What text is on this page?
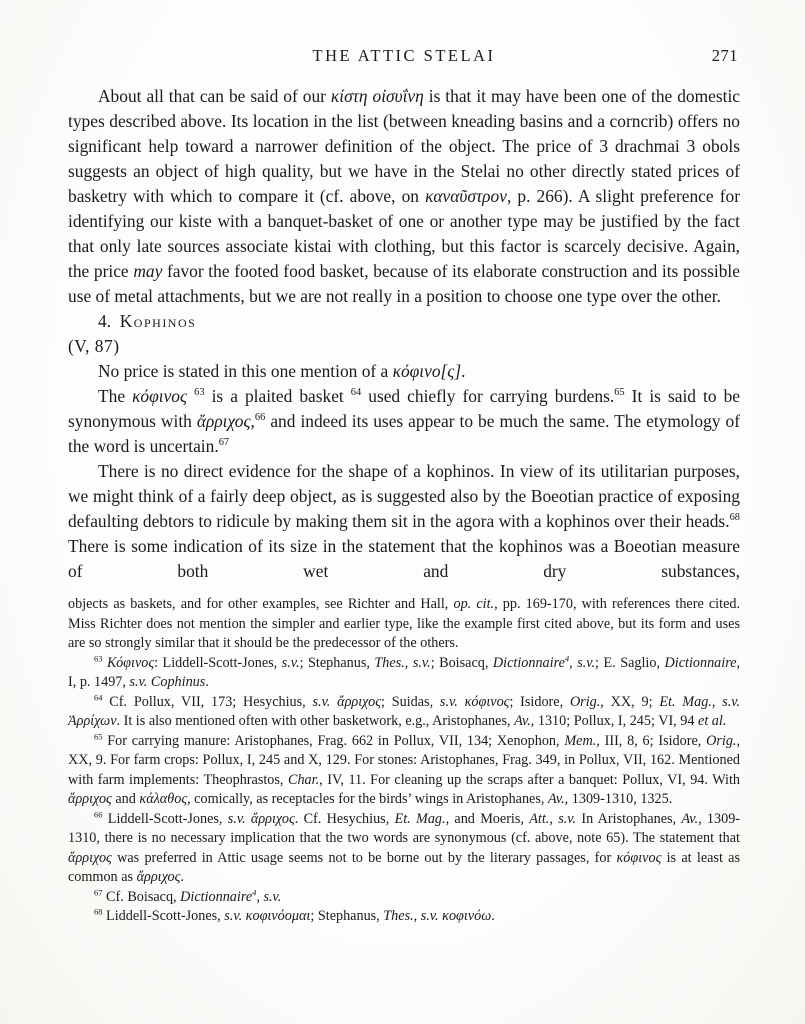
THE ATTIC STELAI	271

About all that can be said of our κίστη οἰσυΐνη is that it may have been one of the domestic types described above. Its location in the list (between kneading basins and a corncrib) offers no significant help toward a narrower definition of the object. The price of 3 drachmai 3 obols suggests an object of high quality, but we have in the Stelai no other directly stated prices of basketry with which to compare it (cf. above, on καναῦστρον, p. 266). A slight preference for identifying our kiste with a banquet-basket of one or another type may be justified by the fact that only late sources associate kistai with clothing, but this factor is scarcely decisive. Again, the price may favor the footed food basket, because of its elaborate construction and its possible use of metal attachments, but we are not really in a position to choose one type over the other.

4. Kophinos

(V, 87)

No price is stated in this one mention of a κόφινο[ς].

The κόφινος $^{63}$ is a plaited basket $^{64}$ used chiefly for carrying burdens.$^{65}$ It is said to be synonymous with ἄρριχος,$^{66}$ and indeed its uses appear to be much the same. The etymology of the word is uncertain.$^{67}$

There is no direct evidence for the shape of a kophinos. In view of its utilitarian purposes, we might think of a fairly deep object, as is suggested also by the Boeotian practice of exposing defaulting debtors to ridicule by making them sit in the agora with a kophinos over their heads.$^{68}$ There is some indication of its size in the statement that the kophinos was a Boeotian measure of both wet and dry substances,

objects as baskets, and for other examples, see Richter and Hall, op. cit., pp. 169-170, with references there cited. Miss Richter does not mention the simpler and earlier type, like the example first cited above, but its form and uses are so strongly similar that it should be the predecessor of the others.

$^{63}$ Κόφινος: Liddell-Scott-Jones, s.v.; Stephanus, Thes., s.v.; Boisacq, Dictionnaire$^4$, s.v.; E. Saglio, Dictionnaire, I, p. 1497, s.v. Cophinus.

$^{64}$ Cf. Pollux, VII, 173; Hesychius, s.v. ἄρριχος; Suidas, s.v. κόφινος; Isidore, Orig., XX, 9; Et. Mag., s.v. Ἀρρίχων. It is also mentioned often with other basketwork, e.g., Aristophanes, Av., 1310; Pollux, I, 245; VI, 94 et al.

$^{65}$ For carrying manure: Aristophanes, Frag. 662 in Pollux, VII, 134; Xenophon, Mem., III, 8, 6; Isidore, Orig., XX, 9. For farm crops: Pollux, I, 245 and X, 129. For stones: Aristophanes, Frag. 349, in Pollux, VII, 162. Mentioned with farm implements: Theophrastos, Char., IV, 11. For cleaning up the scraps after a banquet: Pollux, VI, 94. With ἄρριχος and κάλαθος, comically, as receptacles for the birds’ wings in Aristophanes, Av., 1309-1310, 1325.

$^{66}$ Liddell-Scott-Jones, s.v. ἄρριχος. Cf. Hesychius, Et. Mag., and Moeris, Att., s.v. In Aristophanes, Av., 1309-1310, there is no necessary implication that the two words are synonymous (cf. above, note 65). The statement that ἄρριχος was preferred in Attic usage seems not to be borne out by the literary passages, for κόφινος is at least as common as ἄρριχος.

$^{67}$ Cf. Boisacq, Dictionnaire$^4$, s.v.

$^{68}$ Liddell-Scott-Jones, s.v. κοφινόομαι; Stephanus, Thes., s.v. κοφινόω.
